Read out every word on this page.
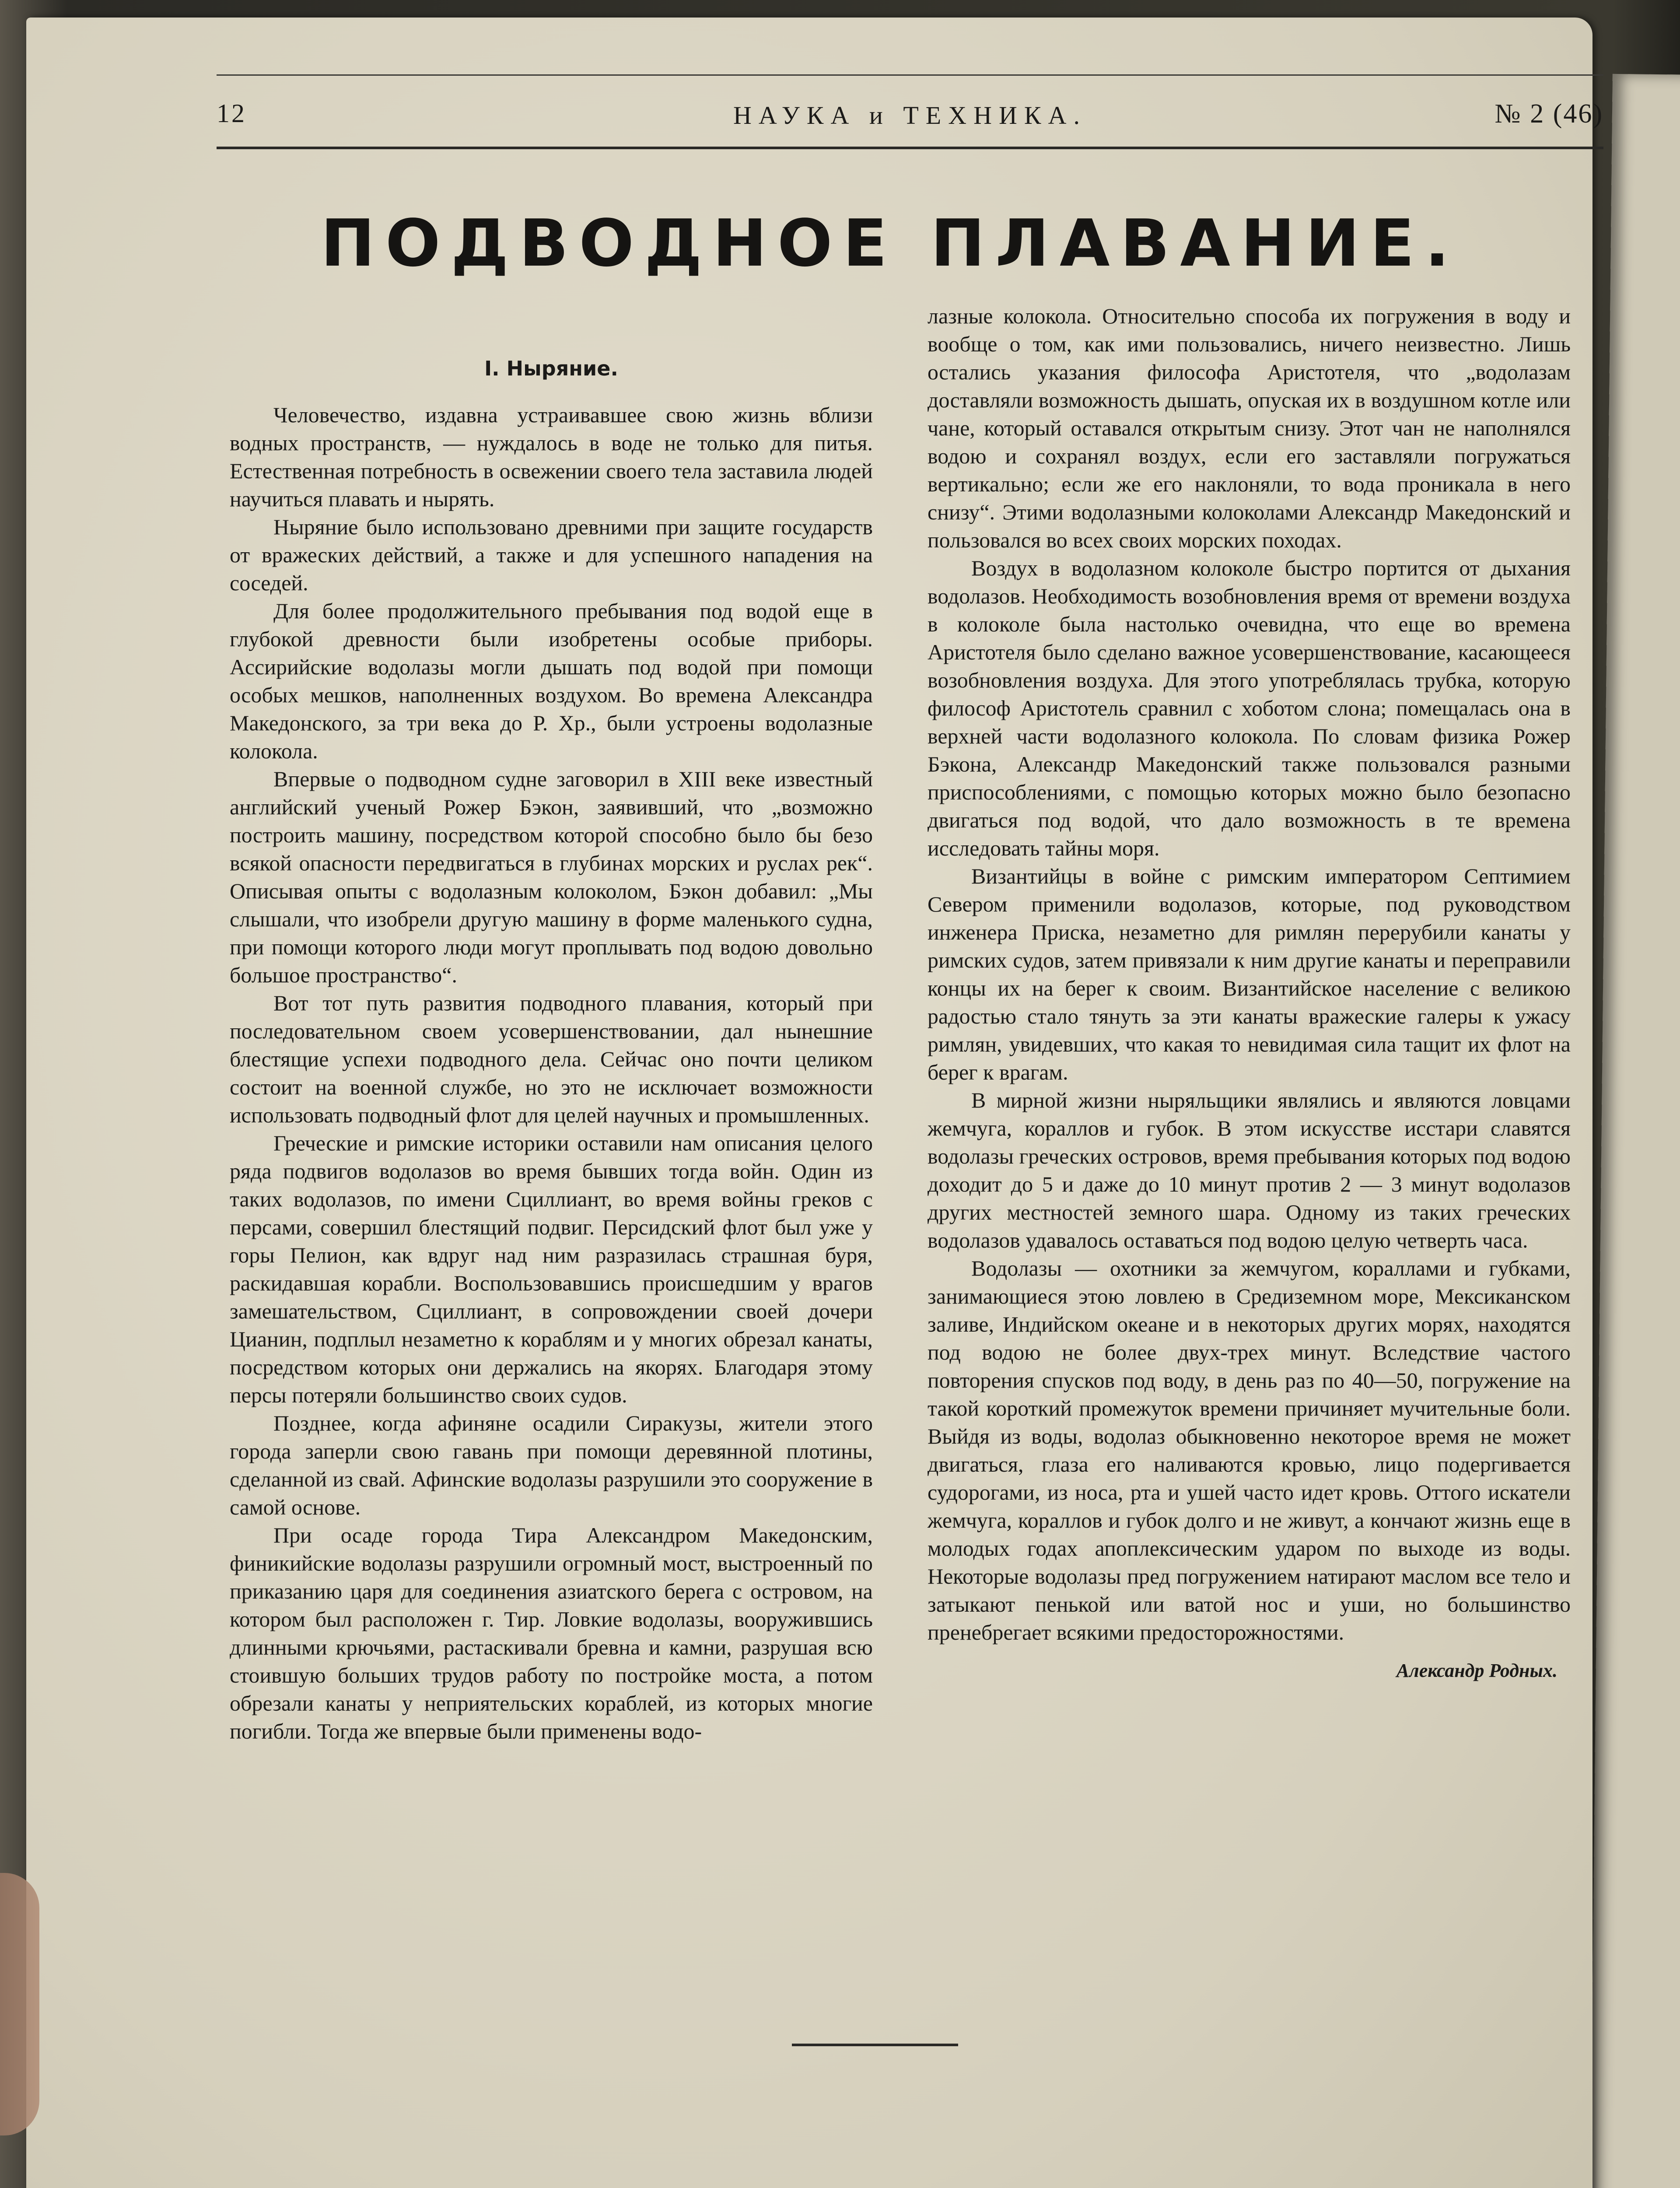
12	НАУКА и ТЕХНИКА.	№ 2 (46)
ПОДВОДНОЕ ПЛАВАНИЕ.
I. Ныряние.

Человечество, издавна устраивавшее свою жизнь вблизи водных пространств, — нуждалось в воде не только для питья. Естественная потребность в освежении своего тела заставила людей научиться плавать и нырять.

Ныряние было использовано древними при защите государств от вражеских действий, а также и для успешного нападения на соседей.

Для более продолжительного пребывания под водой еще в глубокой древности были изобретены особые приборы. Ассирийские водолазы могли дышать под водой при помощи особых мешков, наполненных воздухом. Во времена Александра Македонского, за три века до Р. Хр., были устроены водолазные колокола.

Впервые о подводном судне заговорил в XIII веке известный английский ученый Рожер Бэкон, заявивший, что „возможно построить машину, посредством которой способно было бы безо всякой опасности передвигаться в глубинах морских и руслах рек“. Описывая опыты с водолазным колоколом, Бэкон добавил: „Мы слышали, что изобрели другую машину в форме маленького судна, при помощи которого люди могут проплывать под водою довольно большое пространство“.

Вот тот путь развития подводного плавания, который при последовательном своем усовершенствовании, дал нынешние блестящие успехи подводного дела. Сейчас оно почти целиком состоит на военной службе, но это не исключает возможности использовать подводный флот для целей научных и промышленных.

Греческие и римские историки оставили нам описания целого ряда подвигов водолазов во время бывших тогда войн. Один из таких водолазов, по имени Сциллиант, во время войны греков с персами, совершил блестящий подвиг. Персидский флот был уже у горы Пелион, как вдруг над ним разразилась страшная буря, раскидавшая корабли. Воспользовавшись происшедшим у врагов замешательством, Сциллиант, в сопровождении своей дочери Цианин, подплыл незаметно к кораблям и у многих обрезал канаты, посредством которых они держались на якорях. Благодаря этому персы потеряли большинство своих судов.

Позднее, когда афиняне осадили Сиракузы, жители этого города заперли свою гавань при помощи деревянной плотины, сделанной из свай. Афинские водолазы разрушили это сооружение в самой основе.

При осаде города Тира Александром Македонским, финикийские водолазы разрушили огромный мост, выстроенный по приказанию царя для соединения азиатского берега с островом, на котором был расположен г. Тир. Ловкие водолазы, вооружившись длинными крючьями, растаскивали бревна и камни, разрушая всю стоившую больших трудов работу по постройке моста, а потом обрезали канаты у неприятельских кораблей, из которых многие погибли. Тогда же впервые были применены водо-

лазные колокола. Относительно способа их погружения в воду и вообще о том, как ими пользовались, ничего неизвестно. Лишь остались указания философа Аристотеля, что „водолазам доставляли возможность дышать, опуская их в воздушном котле или чане, который оставался открытым снизу. Этот чан не наполнялся водою и сохранял воздух, если его заставляли погружаться вертикально; если же его наклоняли, то вода проникала в него снизу“. Этими водолазными колоколами Александр Македонский и пользовался во всех своих морских походах.

Воздух в водолазном колоколе быстро портится от дыхания водолазов. Необходимость возобновления время от времени воздуха в колоколе была настолько очевидна, что еще во времена Аристотеля было сделано важное усовершенствование, касающееся возобновления воздуха. Для этого употреблялась трубка, которую философ Аристотель сравнил с хоботом слона; помещалась она в верхней части водолазного колокола. По словам физика Рожер Бэкона, Александр Македонский также пользовался разными приспособлениями, с помощью которых можно было безопасно двигаться под водой, что дало возможность в те времена исследовать тайны моря.

Византийцы в войне с римским императором Септимием Севером применили водолазов, которые, под руководством инженера Приска, незаметно для римлян перерубили канаты у римских судов, затем привязали к ним другие канаты и переправили концы их на берег к своим. Византийское население с великою радостью стало тянуть за эти канаты вражеские галеры к ужасу римлян, увидевших, что какая то невидимая сила тащит их флот на берег к врагам.

В мирной жизни ныряльщики являлись и являются ловцами жемчуга, кораллов и губок. В этом искусстве исстари славятся водолазы греческих островов, время пребывания которых под водою доходит до 5 и даже до 10 минут против 2 — 3 минут водолазов других местностей земного шара. Одному из таких греческих водолазов удавалось оставаться под водою целую четверть часа.

Водолазы — охотники за жемчугом, кораллами и губками, занимающиеся этою ловлею в Средиземном море, Мексиканском заливе, Индийском океане и в некоторых других морях, находятся под водою не более двух-трех минут. Вследствие частого повторения спусков под воду, в день раз по 40—50, погружение на такой короткий промежуток времени причиняет мучительные боли. Выйдя из воды, водолаз обыкновенно некоторое время не может двигаться, глаза его наливаются кровью, лицо подергивается судорогами, из носа, рта и ушей часто идет кровь. Оттого искатели жемчуга, кораллов и губок долго и не живут, а кончают жизнь еще в молодых годах апоплексическим ударом по выходе из воды. Некоторые водолазы пред погружением натирают маслом все тело и затыкают пенькой или ватой нос и уши, но большинство пренебрегает всякими предосторожностями.

Александр Родных.
